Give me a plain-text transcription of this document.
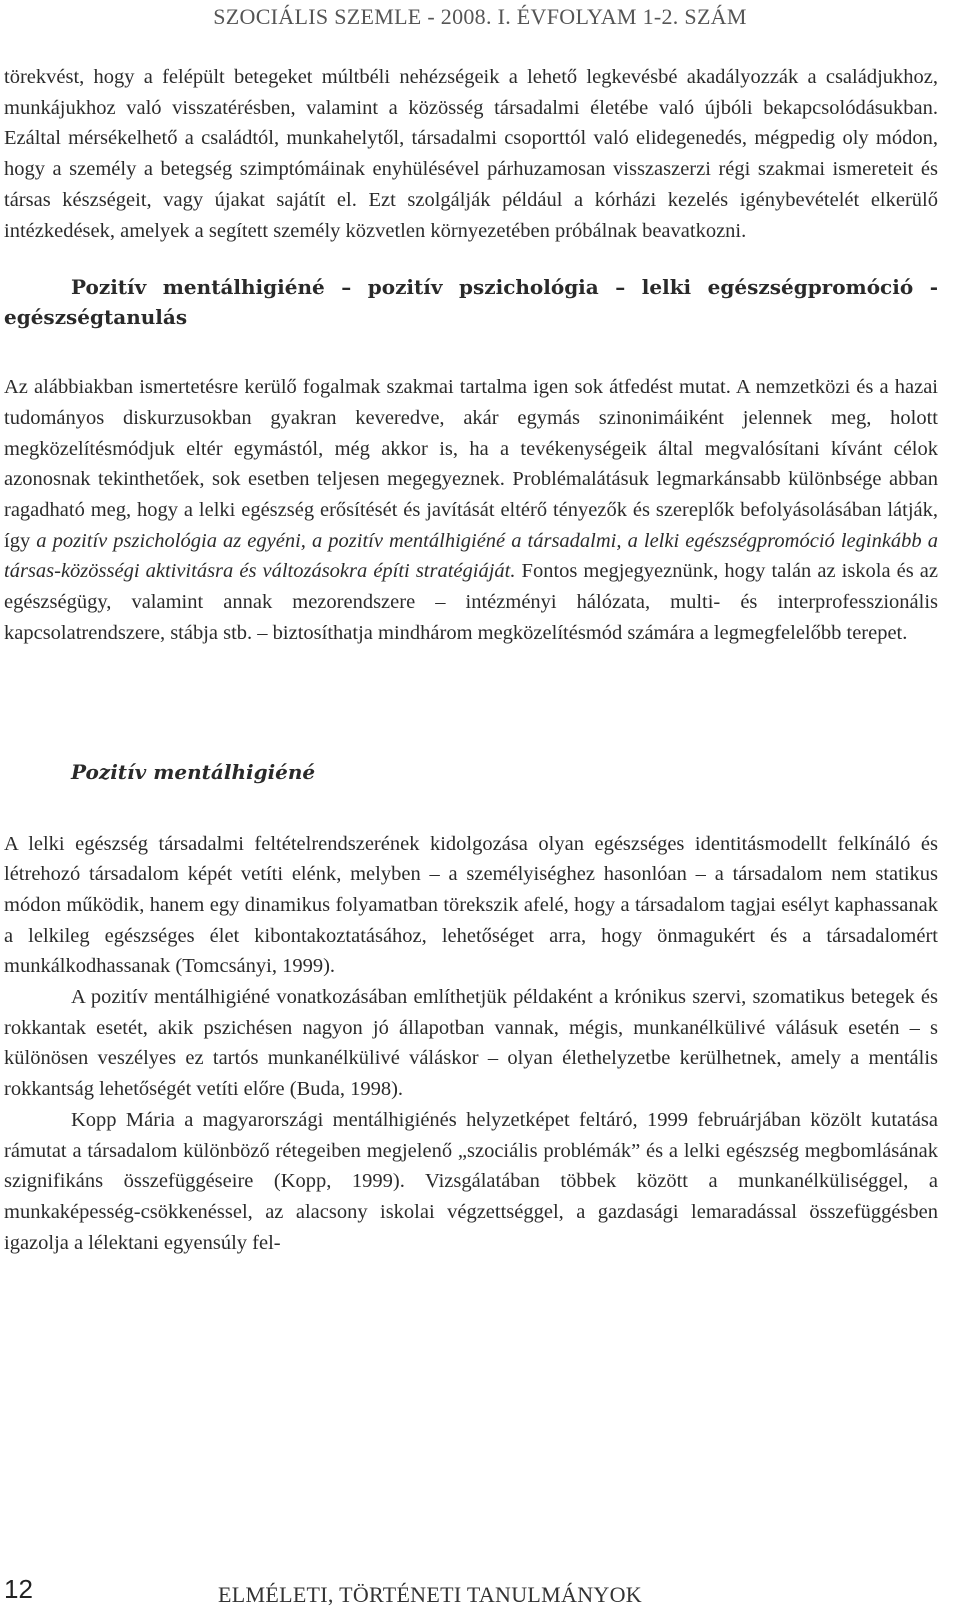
SZOCIÁLIS SZEMLE - 2008. I. ÉVFOLYAM 1-2. SZÁM

törekvést, hogy a felépült betegeket múltbéli nehézségeik a lehető legkevésbé akadályozzák a családjukhoz, munkájukhoz való visszatérésben, valamint a közösség társadalmi életébe való újbóli bekapcsolódásukban. Ezáltal mérsékelhető a családtól, munkahelytől, társadalmi csoporttól való elidegenedés, mégpedig oly módon, hogy a személy a betegség szimptómáinak enyhülésével párhuzamosan visszaszerzi régi szakmai ismereteit és társas készségeit, vagy újakat sajátít el. Ezt szolgálják például a kórházi kezelés igénybevételét elkerülő intézkedések, amelyek a segített személy közvetlen környezetében próbálnak beavatkozni.

Pozitív mentálhigiéné – pozitív pszichológia – lelki egészségpromóció - egészségtanulás

Az alábbiakban ismertetésre kerülő fogalmak szakmai tartalma igen sok átfedést mutat. A nemzetközi és a hazai tudományos diskurzusokban gyakran keveredve, akár egymás szinonimáiként jelennek meg, holott megközelítésmódjuk eltér egymástól, még akkor is, ha a tevékenységeik által megvalósítani kívánt célok azonosnak tekinthetőek, sok esetben teljesen megegyeznek. Problémalátásuk legmarkánsabb különbsége abban ragadható meg, hogy a lelki egészség erősítését és javítását eltérő tényezők és szereplők befolyásolásában látják, így a pozitív pszichológia az egyéni, a pozitív mentálhigiéné a társadalmi, a lelki egészségpromóció leginkább a társas-közösségi aktivitásra és változásokra építi stratégiáját. Fontos megjegyeznünk, hogy talán az iskola és az egészségügy, valamint annak mezorendszere – intézményi hálózata, multi- és interprofesszionális kapcsolatrendszere, stábja stb. – biztosíthatja mindhárom megközelítésmód számára a legmegfelelőbb terepet.

Pozitív mentálhigiéné

A lelki egészség társadalmi feltételrendszerének kidolgozása olyan egészséges identitásmodellt felkínáló és létrehozó társadalom képét vetíti elénk, melyben – a személyiséghez hasonlóan – a társadalom nem statikus módon működik, hanem egy dinamikus folyamatban törekszik afelé, hogy a társadalom tagjai esélyt kaphassanak a lelkileg egészséges élet kibontakoztatásához, lehetőséget arra, hogy önmagukért és a társadalomért munkálkodhassanak (Tomcsányi, 1999).

A pozitív mentálhigiéné vonatkozásában említhetjük példaként a krónikus szervi, szomatikus betegek és rokkantak esetét, akik pszichésen nagyon jó állapotban vannak, mégis, munkanélkülivé válásuk esetén – s különösen veszélyes ez tartós munkanélkülivé váláskor – olyan élethelyzetbe kerülhetnek, amely a mentális rokkantság lehetőségét vetíti előre (Buda, 1998).

Kopp Mária a magyarországi mentálhigiénés helyzetképet feltáró, 1999 februárjában közölt kutatása rámutat a társadalom különböző rétegeiben megjelenő „szociális problémák” és a lelki egészség megbomlásának szignifikáns összefüggéseire (Kopp, 1999). Vizsgálatában többek között a munkanélküliséggel, a munkaképesség-csökkenéssel, az alacsony iskolai végzettséggel, a gazdasági lemaradással összefüggésben igazolja a lélektani egyensúly fel-

12	ELMÉLETI, TÖRTÉNETI TANULMÁNYOK
